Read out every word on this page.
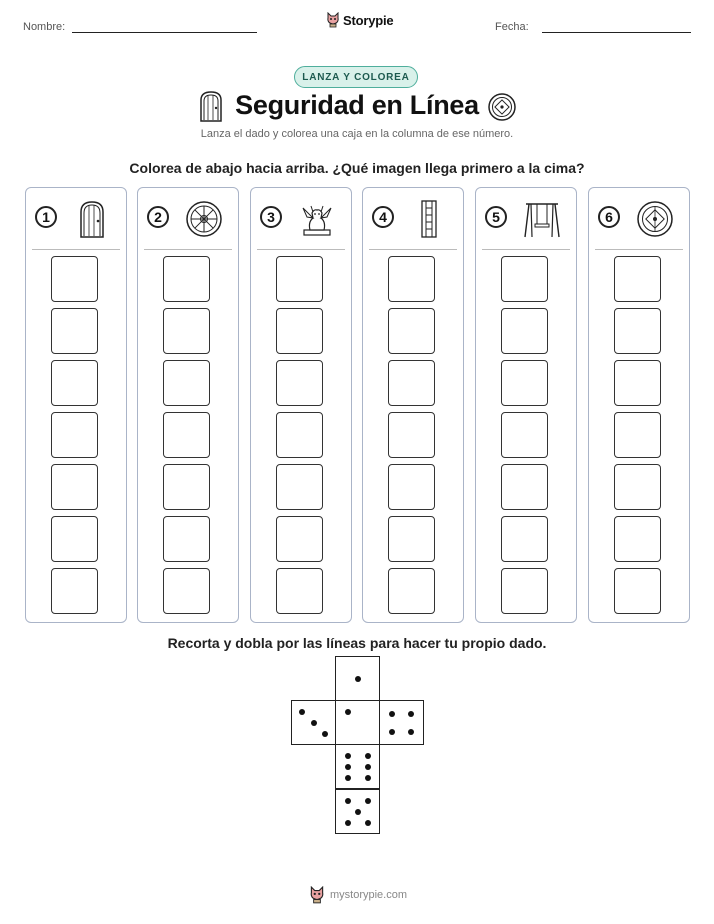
Nombre:	Storypie	Fecha:
LANZA Y COLOREA
Seguridad en Línea
Lanza el dado y colorea una caja en la columna de ese número.
Colorea de abajo hacia arriba. ¿Qué imagen llega primero a la cima?
1	2	3	4	5	6
Recorta y dobla por las líneas para hacer tu propio dado.
mystorypie.com
